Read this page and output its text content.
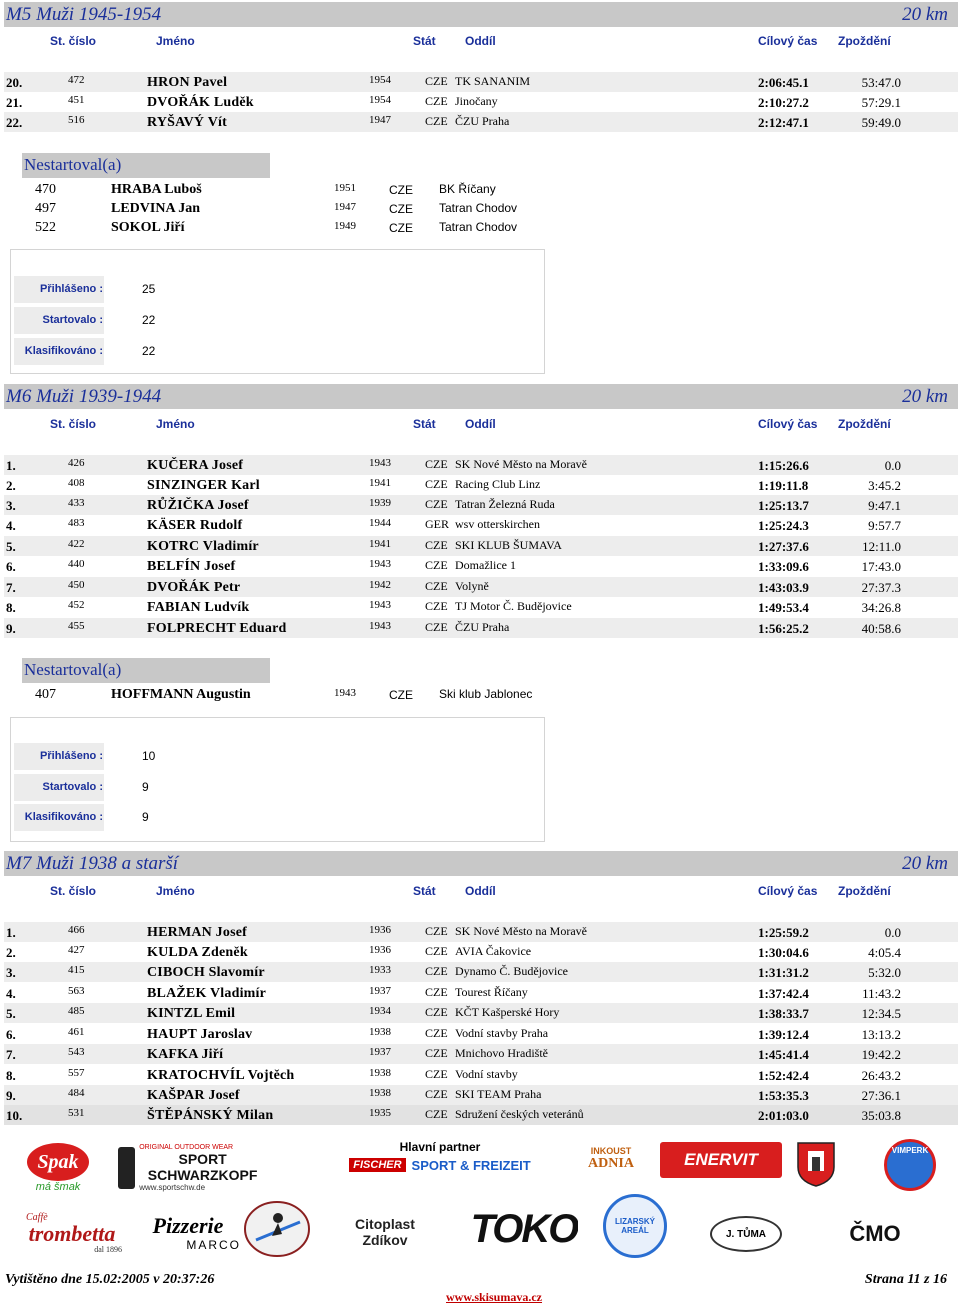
M5 Muži 1945-1954	20 km
St. číslo	Jméno	Stát Oddíl	Cílový čas Zpoždění
20.	472	HRON Pavel	1954	CZE TK SANANIM	2:06:45.1	53:47.0
21.	451	DVOŘÁK Luděk	1954	CZE Jinočany	2:10:27.2	57:29.1
22.	516	RYŠAVÝ Vít	1947	CZE ČZU Praha	2:12:47.1	59:49.0
Nestartoval(a)
470	HRABA Luboš	1951	CZE BK Říčany
497	LEDVINA Jan	1947	CZE Tatran Chodov
522	SOKOL Jiří	1949	CZE Tatran Chodov
Přihlášeno :	25
Startovalo :	22
Klasifikováno :	22
M6 Muži 1939-1944	20 km
St. číslo	Jméno	Stát Oddíl	Cílový čas Zpoždění
1.	426	KUČERA Josef	1943	CZE SK Nové Město na Moravě	1:15:26.6	0.0
2.	408	SINZINGER Karl	1941	CZE Racing Club Linz	1:19:11.8	3:45.2
3.	433	RŮŽIČKA Josef	1939	CZE Tatran Železná Ruda	1:25:13.7	9:47.1
4.	483	KÄSER Rudolf	1944	GER wsv otterskirchen	1:25:24.3	9:57.7
5.	422	KOTRC Vladimír	1941	CZE SKI KLUB ŠUMAVA	1:27:37.6	12:11.0
6.	440	BELFÍN Josef	1943	CZE Domažlice 1	1:33:09.6	17:43.0
7.	450	DVOŘÁK Petr	1942	CZE Volyně	1:43:03.9	27:37.3
8.	452	FABIAN Ludvík	1943	CZE TJ Motor Č. Budějovice	1:49:53.4	34:26.8
9.	455	FOLPRECHT Eduard	1943	CZE ČZU Praha	1:56:25.2	40:58.6
Nestartoval(a)
407	HOFFMANN Augustin	1943	CZE Ski klub Jablonec
Přihlášeno :	10
Startovalo :	9
Klasifikováno :	9
M7 Muži 1938 a starší	20 km
St. číslo	Jméno	Stát Oddíl	Cílový čas Zpoždění
1.	466	HERMAN Josef	1936	CZE SK Nové Město na Moravě	1:25:59.2	0.0
2.	427	KULDA Zdeněk	1936	CZE AVIA Čakovice	1:30:04.6	4:05.4
3.	415	CIBOCH Slavomír	1933	CZE Dynamo Č. Budějovice	1:31:31.2	5:32.0
4.	563	BLAŽEK Vladimír	1937	CZE Tourest Říčany	1:37:42.4	11:43.2
5.	485	KINTZL Emil	1934	CZE KČT Kašperské Hory	1:38:33.7	12:34.5
6.	461	HAUPT Jaroslav	1938	CZE Vodní stavby Praha	1:39:12.4	13:13.2
7.	543	KAFKA Jiří	1937	CZE Mnichovo Hradiště	1:45:41.4	19:42.2
8.	557	KRATOCHVÍL Vojtěch	1938	CZE Vodní stavby	1:52:42.4	26:43.2
9.	484	KAŠPAR Josef	1938	CZE SKI TEAM Praha	1:53:35.3	27:36.1
10.	531	ŠTĚPÁNSKÝ Milan	1935	CZE Sdružení českých veteránů	2:01:03.0	35:03.8
Spak
má šmak
ORIGINAL OUTDOOR WEAR
SPORT SCHWARZKOPF
www.sportschw.de
Hlavní partner
FISCHER SPORT & FREIZEIT
INKOUST
ADNIA	ENERVIT	VIMPERK
Caffè
trombetta
dal 1896
Pizzerie
MARCO
Citoplast
Zdíkov TOKO	LIZARSKÝ AREÁL	J. TŮMA	ČMO
Vytištěno dne 15.02:2005 v 20:37:26	Strana 11 z 16
www.skisumava.cz
